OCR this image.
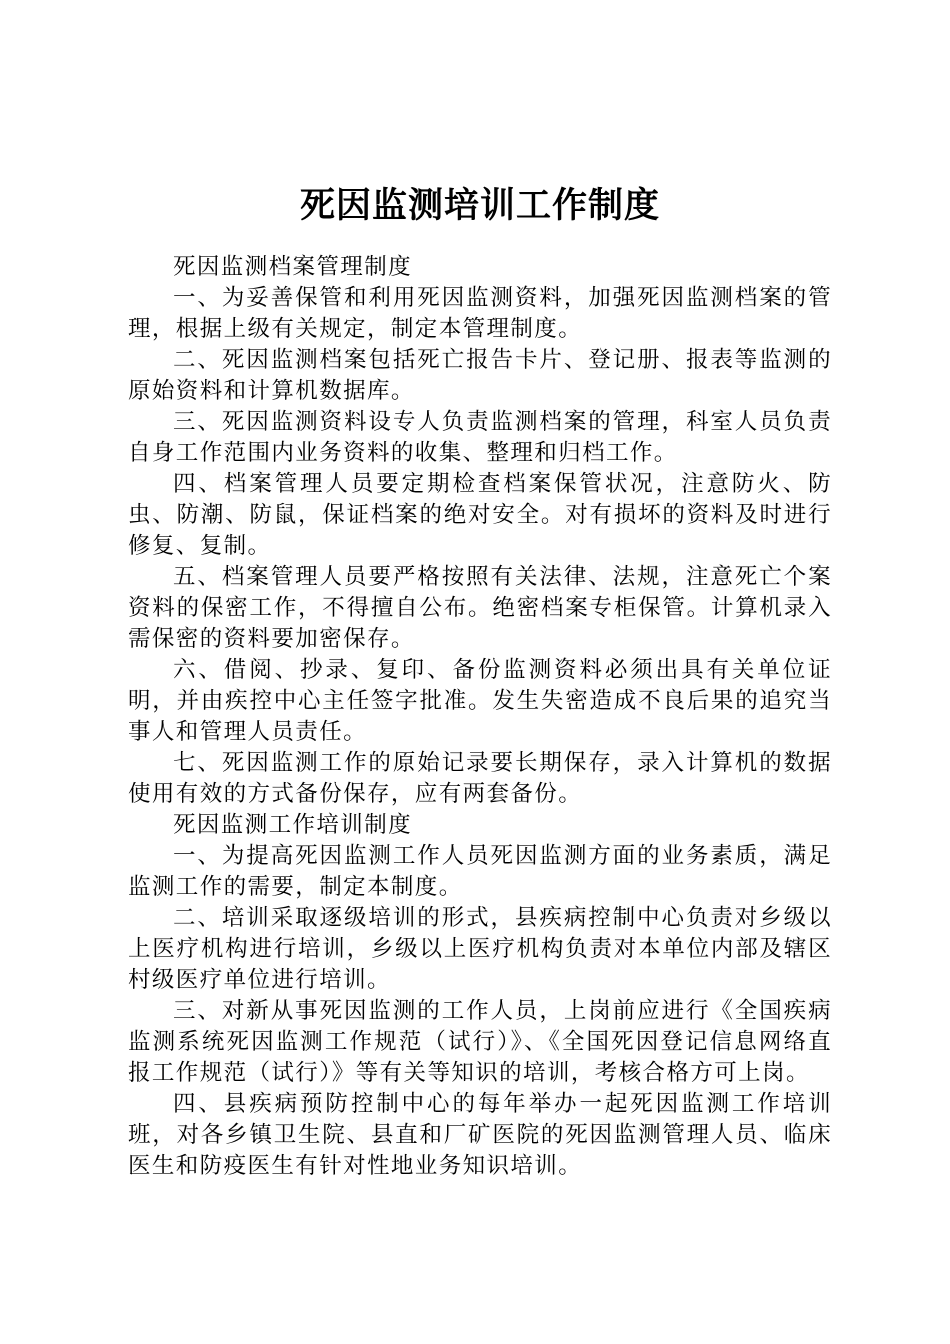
死因监测培训工作制度

死因监测档案管理制度

一、为妥善保管和利用死因监测资料，加强死因监测档案的管理，根据上级有关规定，制定本管理制度。

二、死因监测档案包括死亡报告卡片、登记册、报表等监测的原始资料和计算机数据库。

三、死因监测资料设专人负责监测档案的管理，科室人员负责自身工作范围内业务资料的收集、整理和归档工作。

四、档案管理人员要定期检查档案保管状况，注意防火、防虫、防潮、防鼠，保证档案的绝对安全。对有损坏的资料及时进行修复、复制。

五、档案管理人员要严格按照有关法律、法规，注意死亡个案资料的保密工作，不得擅自公布。绝密档案专柜保管。计算机录入需保密的资料要加密保存。

六、借阅、抄录、复印、备份监测资料必须出具有关单位证明，并由疾控中心主任签字批准。发生失密造成不良后果的追究当事人和管理人员责任。

七、死因监测工作的原始记录要长期保存，录入计算机的数据使用有效的方式备份保存，应有两套备份。

死因监测工作培训制度

一、为提高死因监测工作人员死因监测方面的业务素质，满足监测工作的需要，制定本制度。

二、培训采取逐级培训的形式，县疾病控制中心负责对乡级以上医疗机构进行培训，乡级以上医疗机构负责对本单位内部及辖区村级医疗单位进行培训。

三、对新从事死因监测的工作人员，上岗前应进行《全国疾病监测系统死因监测工作规范（试行）》、《全国死因登记信息网络直报工作规范（试行）》等有关等知识的培训，考核合格方可上岗。

四、县疾病预防控制中心的每年举办一起死因监测工作培训班，对各乡镇卫生院、县直和厂矿医院的死因监测管理人员、临床医生和防疫医生有针对性地业务知识培训。
